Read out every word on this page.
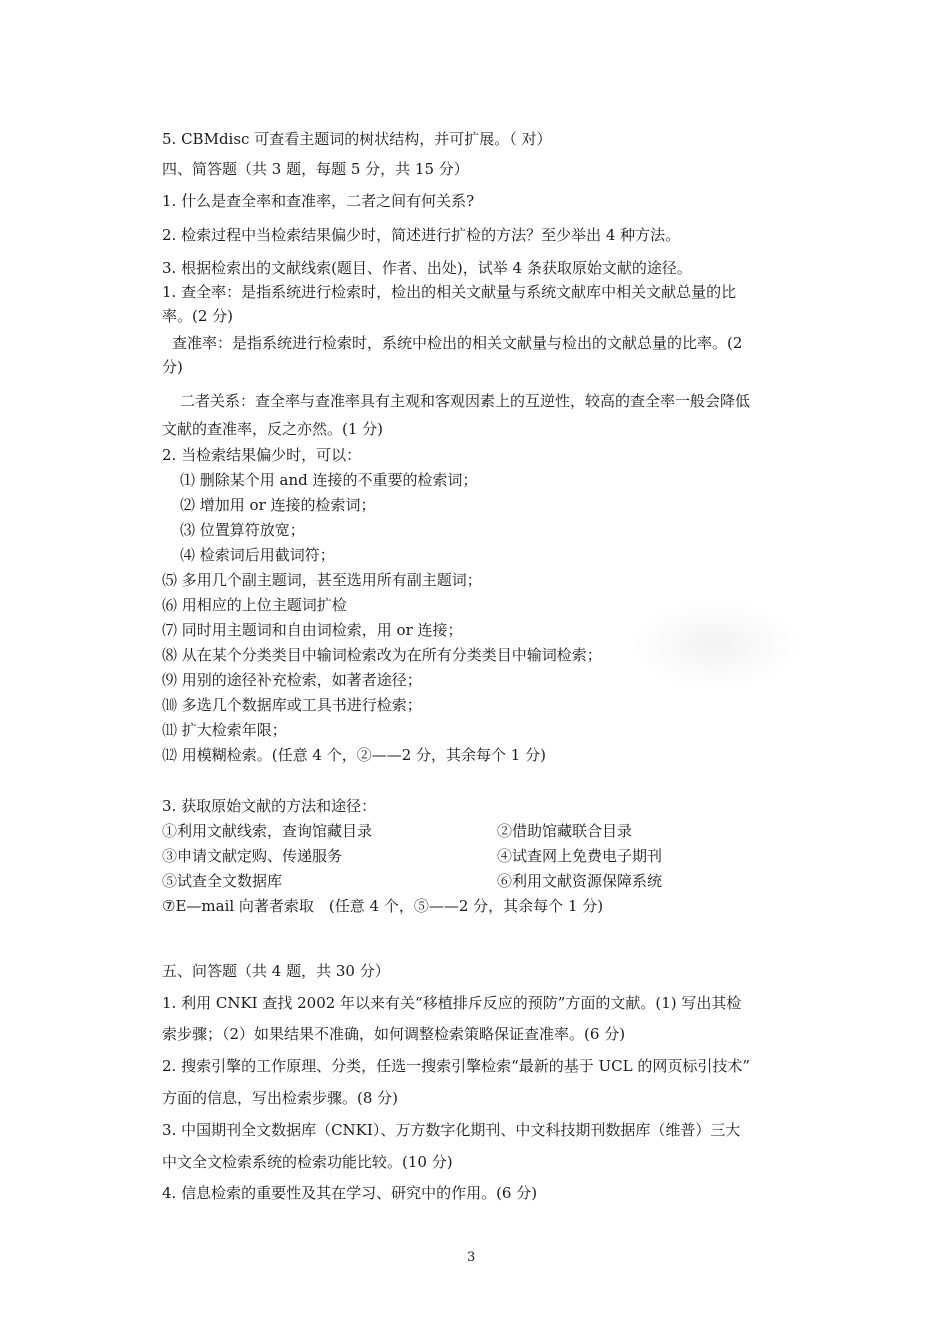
5. CBMdisc 可查看主题词的树状结构，并可扩展。（ 对）
四、简答题（共 3 题，每题 5 分，共 15 分）
1. 什么是查全率和查准率，二者之间有何关系?
2. 检索过程中当检索结果偏少时，简述进行扩检的方法？至少举出 4 种方法。
3. 根据检索出的文献线索(题目、作者、出处)，试举 4 条获取原始文献的途径。
1. 查全率：是指系统进行检索时，检出的相关文献量与系统文献库中相关文献总量的比
率。(2 分)
查准率：是指系统进行检索时，系统中检出的相关文献量与检出的文献总量的比率。(2
分)
二者关系：查全率与查准率具有主观和客观因素上的互逆性，较高的查全率一般会降低
文献的查准率，反之亦然。(1 分)
2. 当检索结果偏少时，可以：
⑴ 删除某个用 and 连接的不重要的检索词；
⑵ 增加用 or 连接的检索词；
⑶ 位置算符放宽；
⑷ 检索词后用截词符；
⑸ 多用几个副主题词，甚至选用所有副主题词；
⑹ 用相应的上位主题词扩检
⑺ 同时用主题词和自由词检索，用 or 连接；
⑻ 从在某个分类类目中输词检索改为在所有分类类目中输词检索；
⑼ 用别的途径补充检索，如著者途径；
⑽ 多选几个数据库或工具书进行检索；
⑾ 扩大检索年限；
⑿ 用模糊检索。(任意 4 个，②——2 分，其余每个 1 分)
3. 获取原始文献的方法和途径：
①利用文献线索，查询馆藏目录	②借助馆藏联合目录
③申请文献定购、传递服务	④试查网上免费电子期刊
⑤试查全文数据库	⑥利用文献资源保障系统
⑦E—mail 向著者索取　(任意 4 个，⑤——2 分，其余每个 1 分)
五、问答题（共 4 题，共 30 分）
1. 利用 CNKI 查找 2002 年以来有关“移植排斥反应的预防”方面的文献。(1) 写出其检
索步骤；（2）如果结果不准确，如何调整检索策略保证查准率。(6 分)
2. 搜索引擎的工作原理、分类，任选一搜索引擎检索“最新的基于 UCL 的网页标引技术”
方面的信息，写出检索步骤。(8 分)
3. 中国期刊全文数据库（CNKI）、万方数字化期刊、中文科技期刊数据库（维普）三大
中文全文检索系统的检索功能比较。(10 分)
4. 信息检索的重要性及其在学习、研究中的作用。(6 分)
3
